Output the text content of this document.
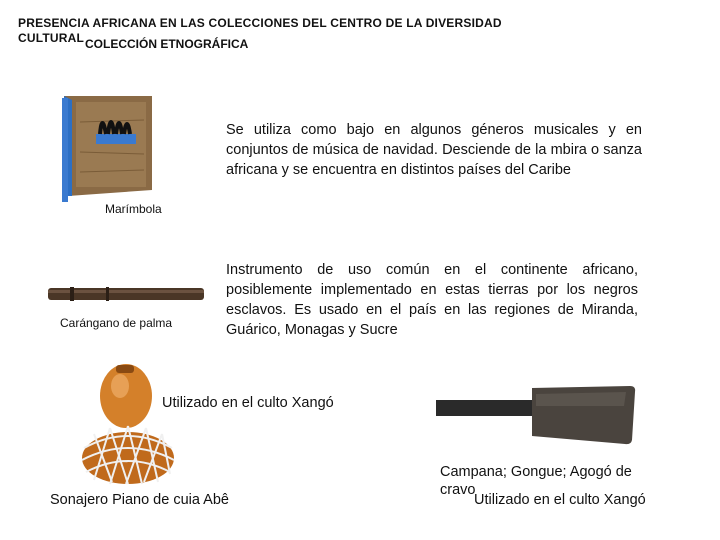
PRESENCIA AFRICANA EN LAS COLECCIONES DEL CENTRO DE LA DIVERSIDAD
CULTURAL COLECCIÓN ETNOGRÁFICA
Marímbola
Se utiliza como bajo en algunos géneros musicales y en conjuntos de música de navidad. Desciende de la mbira o sanza africana y se encuentra en distintos países del Caribe
Carángano de palma
Instrumento de uso común en el continente africano, posiblemente implementado en estas tierras por los negros esclavos. Es usado en el país en las regiones de Miranda, Guárico, Monagas y Sucre
Sonajero Piano de cuia Abê
Utilizado en el culto Xangó
Campana; Gongue; Agogó de cravo
Utilizado en el culto Xangó
